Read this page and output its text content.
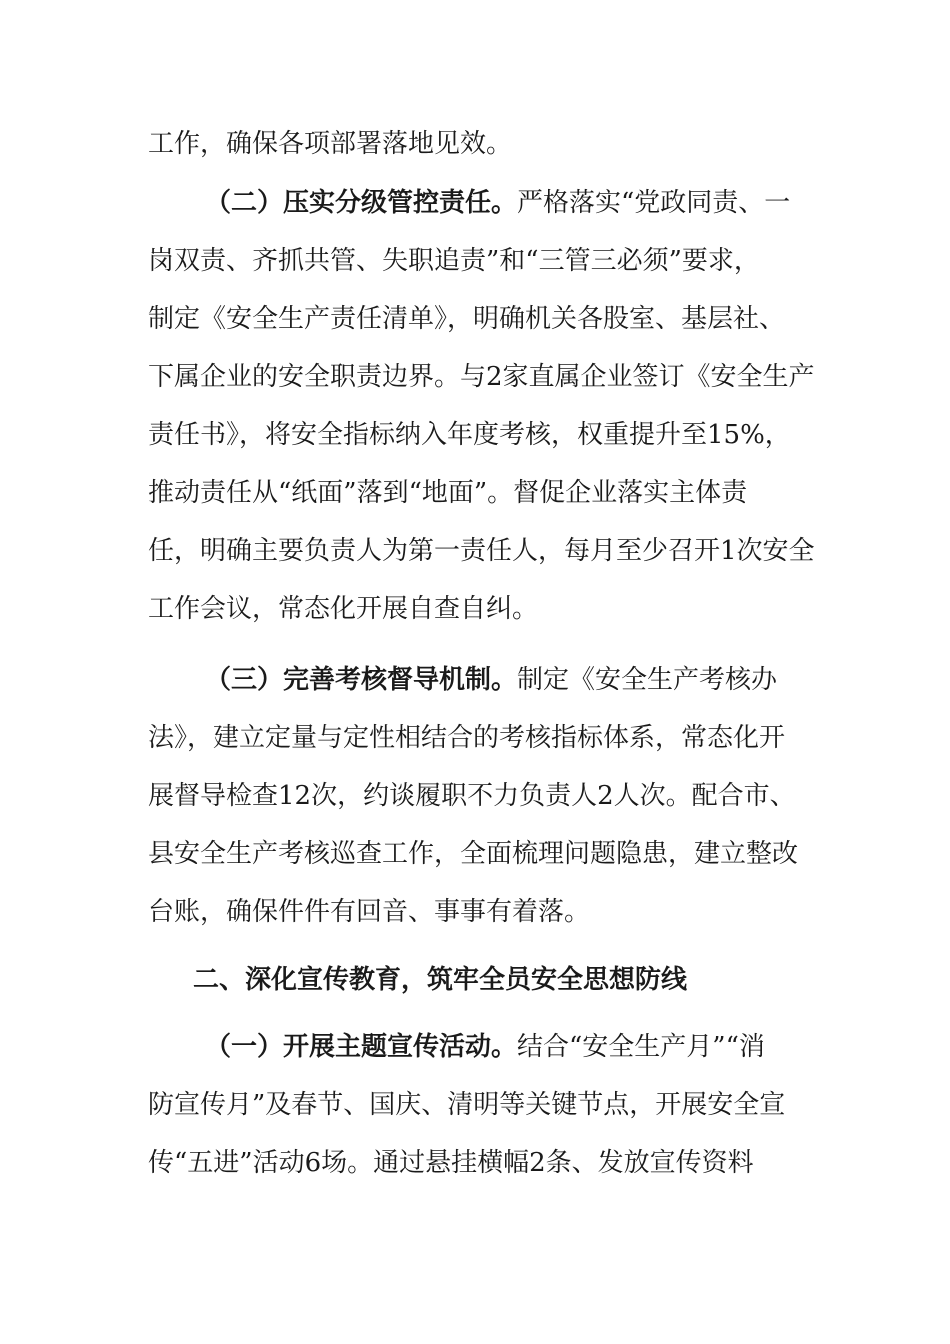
工作，确保各项部署落地见效。

（二）压实分级管控责任。严格落实“党政同责、一

岗双责、齐抓共管、失职追责”和“三管三必须”要求，

制定《安全生产责任清单》，明确机关各股室、基层社、

下属企业的安全职责边界。与2家直属企业签订《安全生产

责任书》，将安全指标纳入年度考核，权重提升至15%，

推动责任从“纸面”落到“地面”。督促企业落实主体责

任，明确主要负责人为第一责任人，每月至少召开1次安全

工作会议，常态化开展自查自纠。

（三）完善考核督导机制。制定《安全生产考核办

法》，建立定量与定性相结合的考核指标体系，常态化开

展督导检查12次，约谈履职不力负责人2人次。配合市、

县安全生产考核巡查工作，全面梳理问题隐患，建立整改

台账，确保件件有回音、事事有着落。

二、深化宣传教育，筑牢全员安全思想防线

（一）开展主题宣传活动。结合“安全生产月”“消

防宣传月”及春节、国庆、清明等关键节点，开展安全宣

传“五进”活动6场。通过悬挂横幅2条、发放宣传资料
